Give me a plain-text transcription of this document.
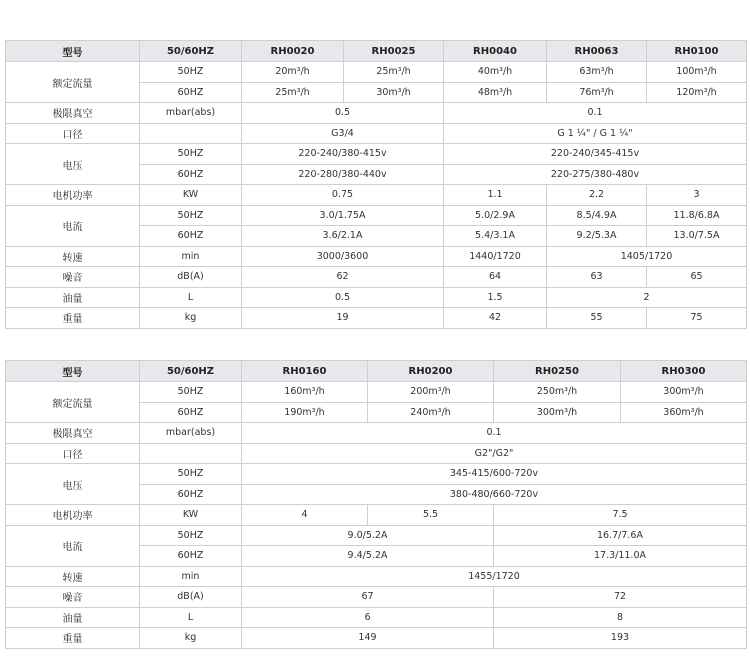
型号	50/60HZ	RH0020	RH0025	RH0040	RH0063	RH0100
额定流量	50HZ	20m³/h	25m³/h	40m³/h	63m³/h	100m³/h
	60HZ	25m³/h	30m³/h	48m³/h	76m³/h	120m³/h
极限真空	mbar(abs)	0.5		0.1		
口径		G3/4		G 1 ¼" / G 1 ¼"		
电压	50HZ	220-240/380-415v		220-240/345-415v		
	60HZ	220-280/380-440v		220-275/380-480v		
电机功率	KW	0.75		1.1	2.2	3
电流	50HZ	3.0/1.75A		5.0/2.9A	8.5/4.9A	11.8/6.8A
	60HZ	3.6/2.1A		5.4/3.1A	9.2/5.3A	13.0/7.5A
转速	min	3000/3600		1440/1720	1405/1720	
噪音	dB(A)	62		64	63	65
油量	L	0.5		1.5	2	
重量	kg	19		42	55	75
型号	50/60HZ	RH0160	RH0200	RH0250	RH0300
额定流量	50HZ	160m³/h	200m³/h	250m³/h	300m³/h
	60HZ	190m³/h	240m³/h	300m³/h	360m³/h
极限真空	mbar(abs)	0.1			
口径		G2"/G2"			
电压	50HZ	345-415/600-720v			
	60HZ	380-480/660-720v			
电机功率	KW	4	5.5	7.5	
电流	50HZ	9.0/5.2A		16.7/7.6A	
	60HZ	9.4/5.2A		17.3/11.0A	
转速	min	1455/1720			
噪音	dB(A)	67		72	
油量	L	6		8	
重量	kg	149		193	
